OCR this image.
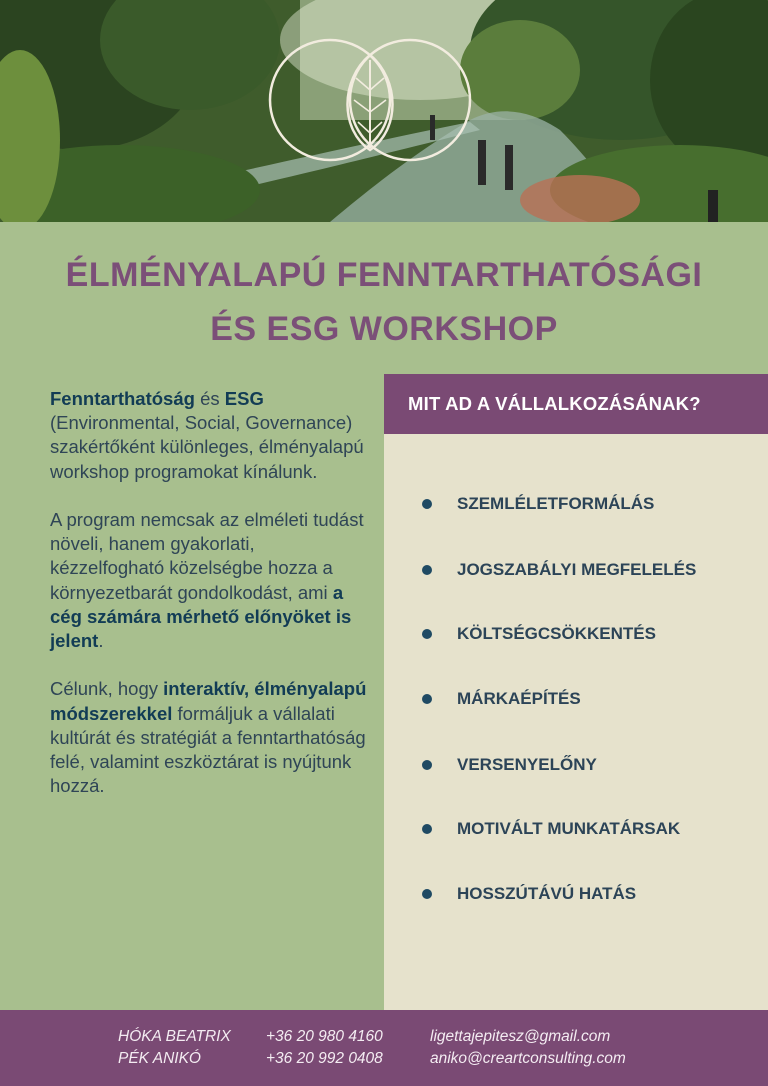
ÉLMÉNYALAPÚ FENNTARTHATÓSÁGI
ÉS ESG WORKSHOP

Fenntarthatóság és ESG (Environmental, Social, Governance) szakértőként különleges, élményalapú workshop programokat kínálunk.

A program nemcsak az elméleti tudást növeli, hanem gyakorlati, kézzelfogható közelségbe hozza a környezetbarát gondolkodást, ami a cég számára mérhető előnyöket is jelent.

Célunk, hogy interaktív, élményalapú módszerekkel formáljuk a vállalati kultúrát és stratégiát a fenntarthatóság felé, valamint eszköztárat is nyújtunk hozzá.

MIT AD A VÁLLALKOZÁSÁNAK?
SZEMLÉLETFORMÁLÁS
JOGSZABÁLYI MEGFELELÉS
KÖLTSÉGCSÖKKENTÉS
MÁRKAÉPÍTÉS
VERSENYELŐNY
MOTIVÁLT MUNKATÁRSAK
HOSSZÚTÁVÚ HATÁS
HÓKA BEATRIX +36 20 980 4160	ligettajepitesz@gmail.com
PÉK ANIKÓ	+36 20 992 0408	aniko@creartconsulting.com
